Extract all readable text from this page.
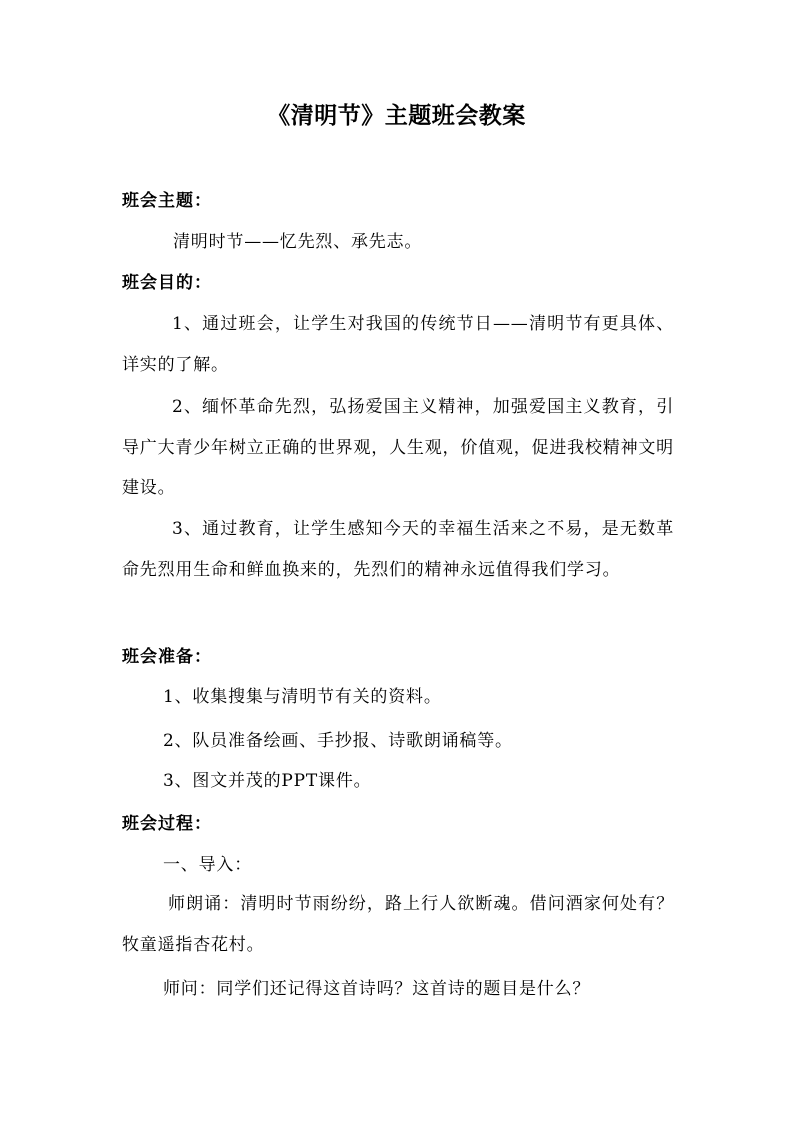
《清明节》主题班会教案
班会主题：
清明时节——忆先烈、承先志。
班会目的：

1、通过班会，让学生对我国的传统节日——清明节有更具体、详实的了解。

2、缅怀革命先烈，弘扬爱国主义精神，加强爱国主义教育，引导广大青少年树立正确的世界观，人生观，价值观，促进我校精神文明建设。

3、通过教育，让学生感知今天的幸福生活来之不易，是无数革命先烈用生命和鲜血换来的，先烈们的精神永远值得我们学习。

班会准备：
1、收集搜集与清明节有关的资料。
2、队员准备绘画、手抄报、诗歌朗诵稿等。
3、图文并茂的PPT课件。
班会过程：
一、导入：

师朗诵：清明时节雨纷纷，路上行人欲断魂。借问酒家何处有？牧童遥指杏花村。

师问：同学们还记得这首诗吗？这首诗的题目是什么？
